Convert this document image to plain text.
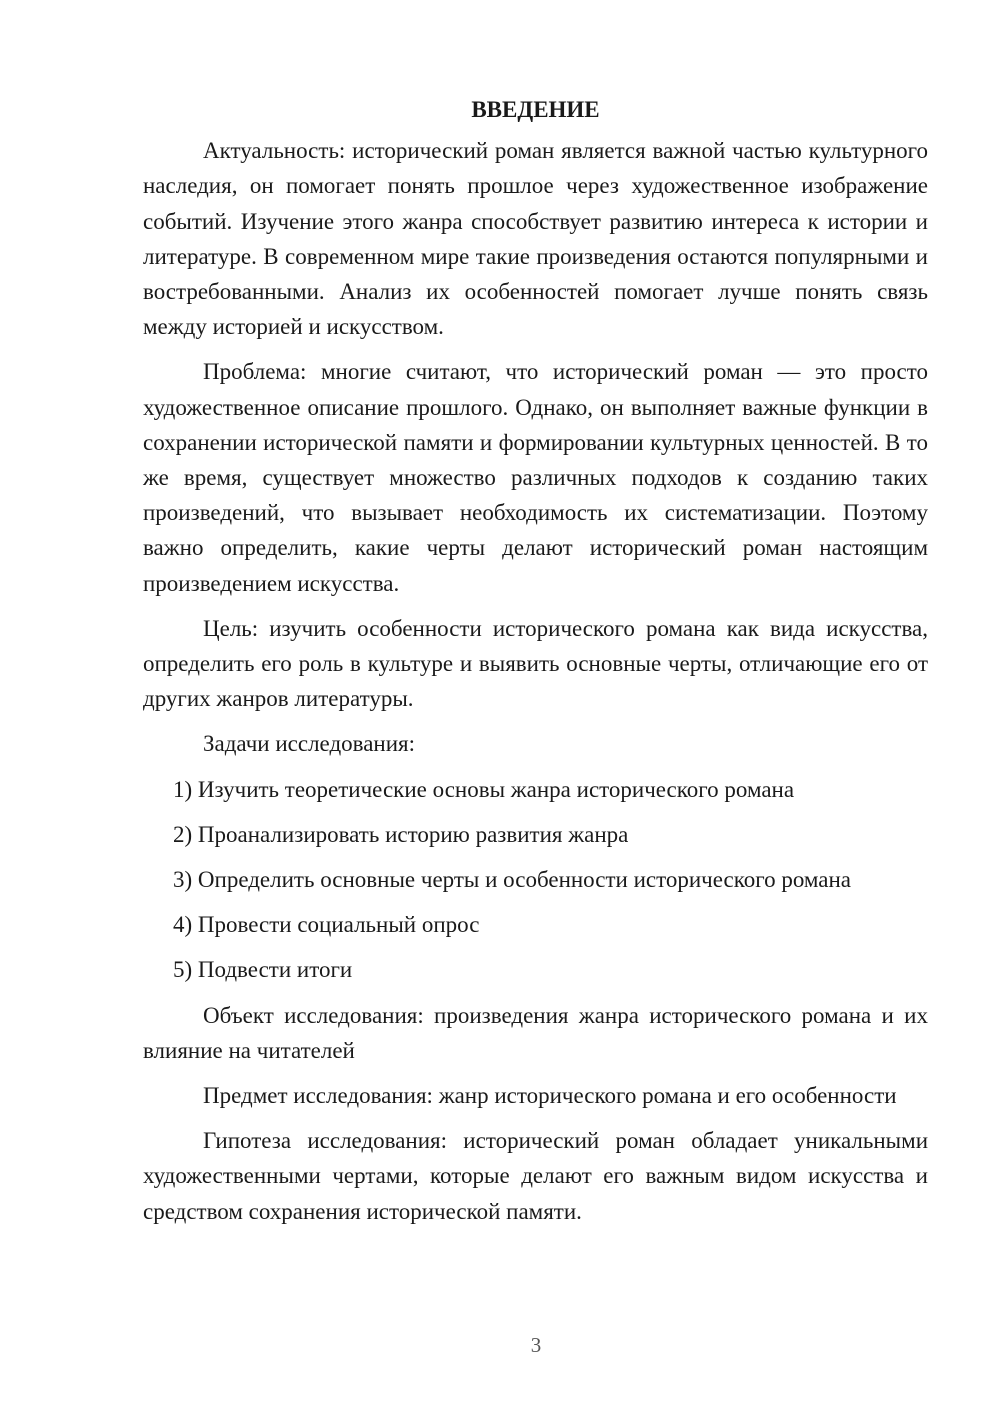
ВВЕДЕНИЕ

Актуальность: исторический роман является важной частью культурного наследия, он помогает понять прошлое через художественное изображение событий. Изучение этого жанра способствует развитию интереса к истории и литературе. В современном мире такие произведения остаются популярными и востребованными. Анализ их особенностей помогает лучше понять связь между историей и искусством.

Проблема: многие считают, что исторический роман — это просто художественное описание прошлого. Однако, он выполняет важные функции в сохранении исторической памяти и формировании культурных ценностей. В то же время, существует множество различных подходов к созданию таких произведений, что вызывает необходимость их систематизации. Поэтому важно определить, какие черты делают исторический роман настоящим произведением искусства.

Цель: изучить особенности исторического романа как вида искусства, определить его роль в культуре и выявить основные черты, отличающие его от других жанров литературы.

Задачи исследования:

1) Изучить теоретические основы жанра исторического романа
2) Проанализировать историю развития жанра
3) Определить основные черты и особенности исторического романа
4) Провести социальный опрос
5) Подвести итоги

Объект исследования: произведения жанра исторического романа и их влияние на читателей

Предмет исследования: жанр исторического романа и его особенности

Гипотеза исследования: исторический роман обладает уникальными художественными чертами, которые делают его важным видом искусства и средством сохранения исторической памяти.

3
